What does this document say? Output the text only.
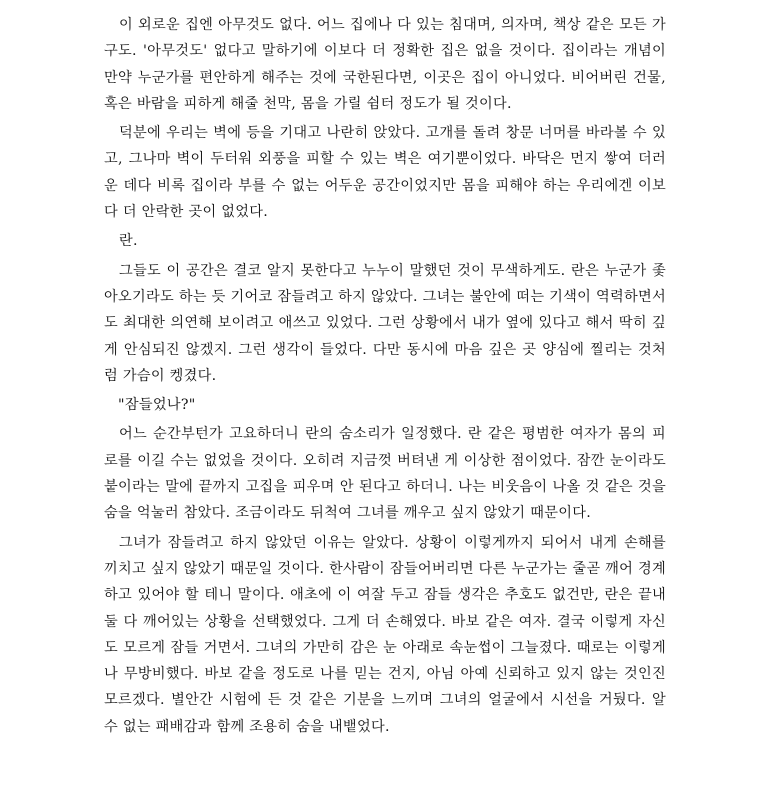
이 외로운 집엔 아무것도 없다. 어느 집에나 다 있는 침대며, 의자며, 책상 같은 모든 가구도. '아무것도' 없다고 말하기에 이보다 더 정확한 집은 없을 것이다. 집이라는 개념이 만약 누군가를 편안하게 해주는 것에 국한된다면, 이곳은 집이 아니었다. 비어버린 건물, 혹은 바람을 피하게 해줄 천막, 몸을 가릴 쉼터 정도가 될 것이다.

덕분에 우리는 벽에 등을 기대고 나란히 앉았다. 고개를 돌려 창문 너머를 바라볼 수 있고, 그나마 벽이 두터워 외풍을 피할 수 있는 벽은 여기뿐이었다. 바닥은 먼지 쌓여 더러운 데다 비록 집이라 부를 수 없는 어두운 공간이었지만 몸을 피해야 하는 우리에겐 이보다 더 안락한 곳이 없었다.

란.

그들도 이 공간은 결코 알지 못한다고 누누이 말했던 것이 무색하게도. 란은 누군가 좇아오기라도 하는 듯 기어코 잠들려고 하지 않았다. 그녀는 불안에 떠는 기색이 역력하면서도 최대한 의연해 보이려고 애쓰고 있었다. 그런 상황에서 내가 옆에 있다고 해서 딱히 깊게 안심되진 않겠지. 그런 생각이 들었다. 다만 동시에 마음 깊은 곳 양심에 찔리는 것처럼 가슴이 켕겼다.

"잠들었나?"

어느 순간부턴가 고요하더니 란의 숨소리가 일정했다. 란 같은 평범한 여자가 몸의 피로를 이길 수는 없었을 것이다. 오히려 지금껏 버텨낸 게 이상한 점이었다. 잠깐 눈이라도 붙이라는 말에 끝까지 고집을 피우며 안 된다고 하더니. 나는 비웃음이 나올 것 같은 것을 숨을 억눌러 참았다. 조금이라도 뒤척여 그녀를 깨우고 싶지 않았기 때문이다.

그녀가 잠들려고 하지 않았던 이유는 알았다. 상황이 이렇게까지 되어서 내게 손해를 끼치고 싶지 않았기 때문일 것이다. 한사람이 잠들어버리면 다른 누군가는 줄곧 깨어 경계하고 있어야 할 테니 말이다. 애초에 이 여잘 두고 잠들 생각은 추호도 없건만, 란은 끝내 둘 다 깨어있는 상황을 선택했었다. 그게 더 손해였다. 바보 같은 여자. 결국 이렇게 자신도 모르게 잠들 거면서. 그녀의 가만히 감은 눈 아래로 속눈썹이 그늘졌다. 때로는 이렇게나 무방비했다. 바보 같을 정도로 나를 믿는 건지, 아님 아예 신뢰하고 있지 않는 것인진 모르겠다. 별안간 시험에 든 것 같은 기분을 느끼며 그녀의 얼굴에서 시선을 거뒀다. 알 수 없는 패배감과 함께 조용히 숨을 내뱉었다.
